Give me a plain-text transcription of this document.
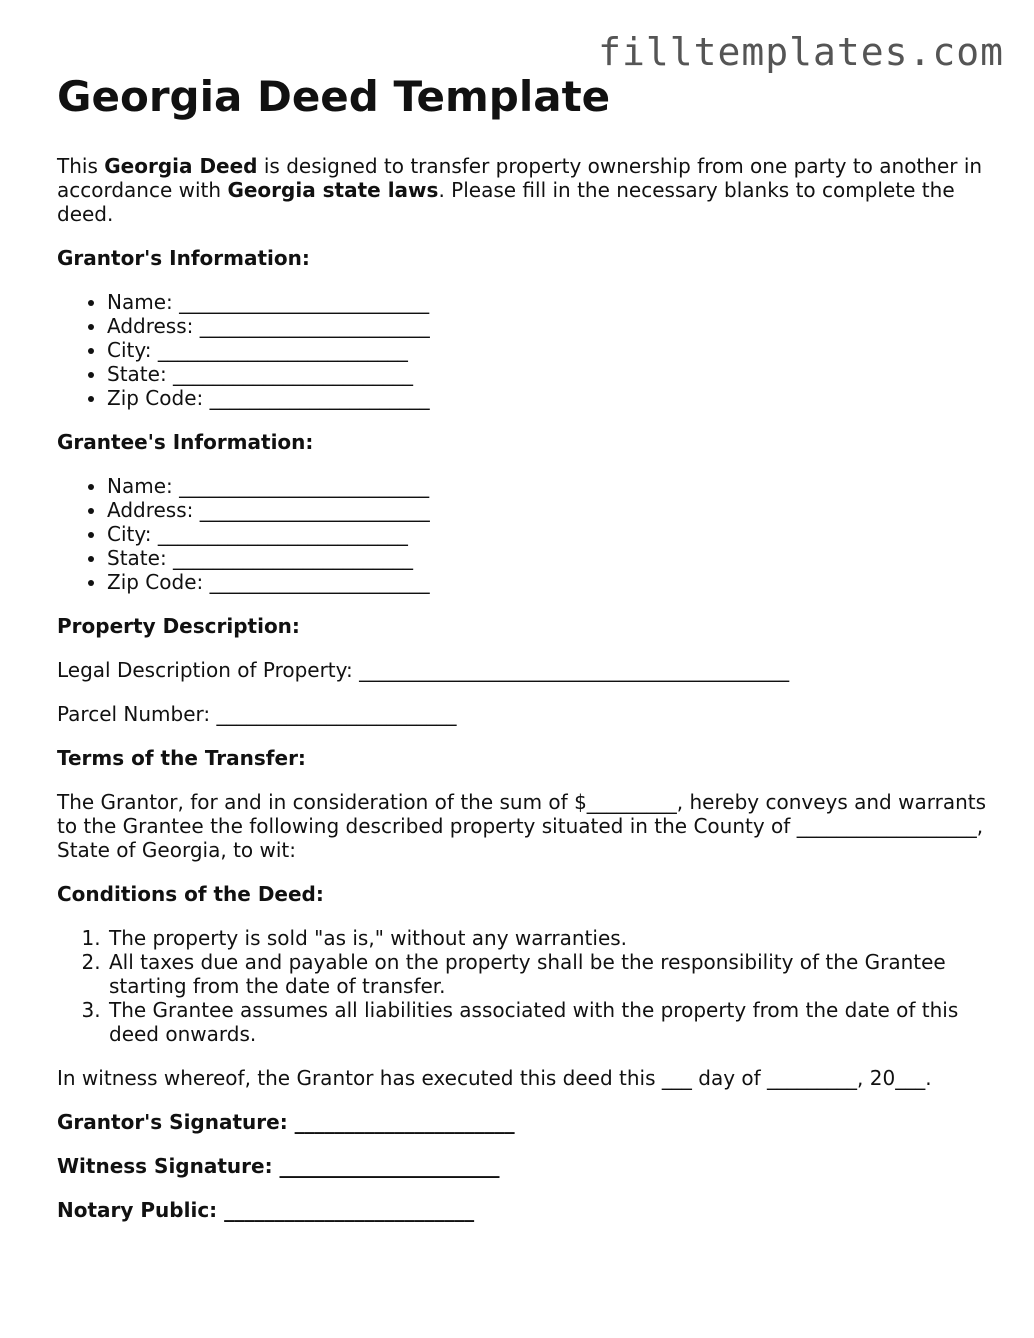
filltemplates.com
Georgia Deed Template

This Georgia Deed is designed to transfer property ownership from one party to another in accordance with Georgia state laws. Please fill in the necessary blanks to complete the deed.

Grantor's Information:

• Name: _________________________
• Address: _______________________
• City: _________________________
• State: ________________________
• Zip Code: ______________________

Grantee's Information:

• Name: _________________________
• Address: _______________________
• City: _________________________
• State: ________________________
• Zip Code: ______________________

Property Description:

Legal Description of Property: ___________________________________________

Parcel Number: ________________________

Terms of the Transfer:

The Grantor, for and in consideration of the sum of $_________, hereby conveys and warrants to the Grantee the following described property situated in the County of __________________, State of Georgia, to wit:

Conditions of the Deed:

1. The property is sold "as is," without any warranties.
2. All taxes due and payable on the property shall be the responsibility of the Grantee starting from the date of transfer.
3. The Grantee assumes all liabilities associated with the property from the date of this deed onwards.

In witness whereof, the Grantor has executed this deed this ___ day of _________, 20___.

Grantor's Signature: ______________________

Witness Signature: ______________________

Notary Public: _________________________
